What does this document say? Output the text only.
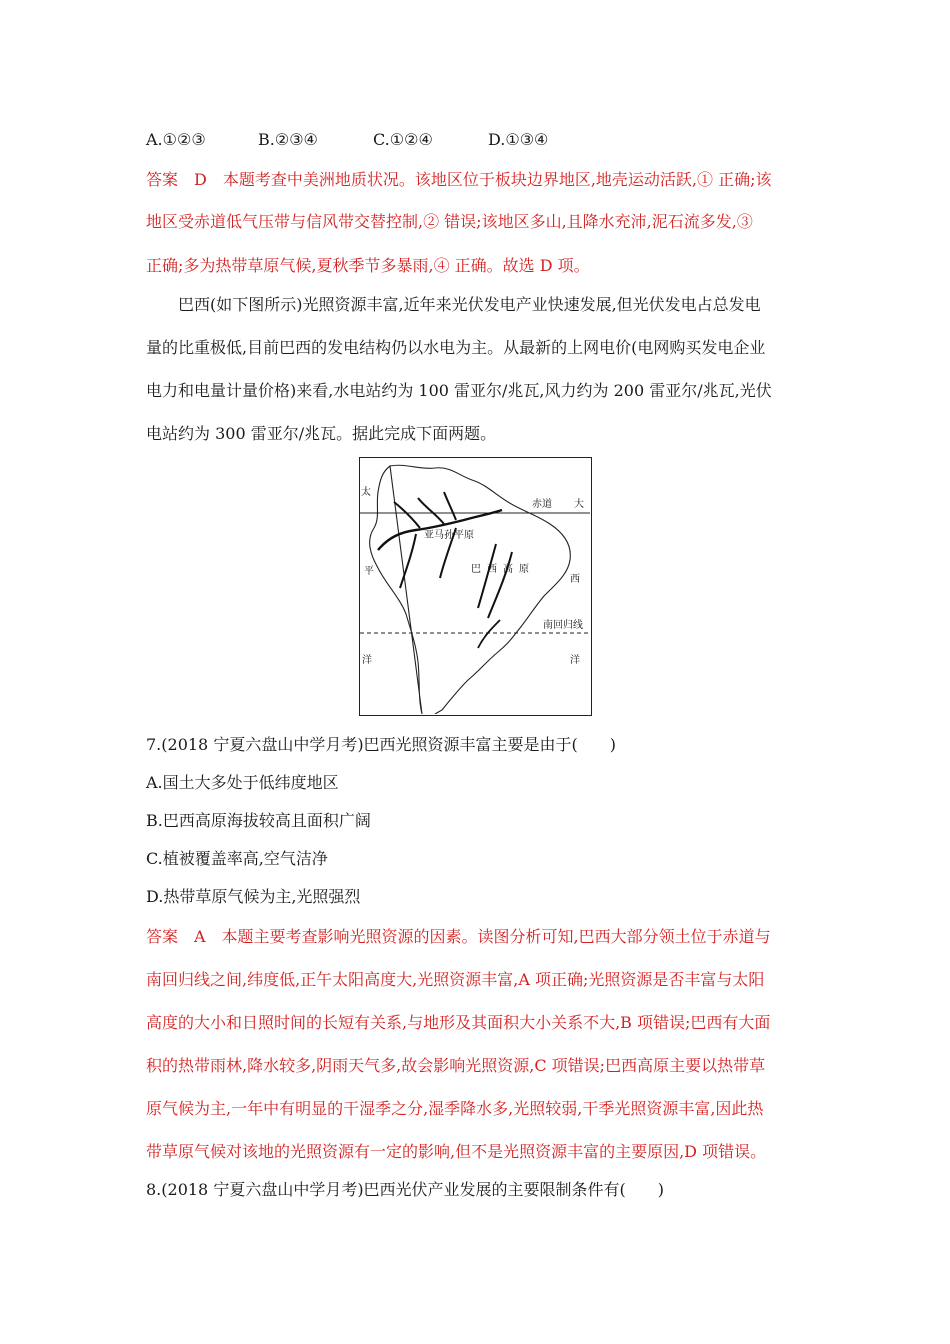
A.①②③	B.②③④	C.①②④	D.①③④
答案　D　本题考查中美洲地质状况。该地区位于板块边界地区,地壳运动活跃,① 正确;该
地区受赤道低气压带与信风带交替控制,② 错误;该地区多山,且降水充沛,泥石流多发,③
正确;多为热带草原气候,夏秋季节多暴雨,④ 正确。故选 D 项。
巴西(如下图所示)光照资源丰富,近年来光伏发电产业快速发展,但光伏发电占总发电
量的比重极低,目前巴西的发电结构仍以水电为主。从最新的上网电价(电网购买发电企业
电力和电量计量价格)来看,水电站约为 100 雷亚尔/兆瓦,风力约为 200 雷亚尔/兆瓦,光伏
电站约为 300 雷亚尔/兆瓦。据此完成下面两题。
太
赤道 大
亚马孙平原
平	巴西高原
西
南回归线
洋	洋
7.(2018 宁夏六盘山中学月考)巴西光照资源丰富主要是由于(　　)
A.国土大多处于低纬度地区
B.巴西高原海拔较高且面积广阔
C.植被覆盖率高,空气洁净
D.热带草原气候为主,光照强烈
答案　A　本题主要考查影响光照资源的因素。读图分析可知,巴西大部分领土位于赤道与
南回归线之间,纬度低,正午太阳高度大,光照资源丰富,A 项正确;光照资源是否丰富与太阳
高度的大小和日照时间的长短有关系,与地形及其面积大小关系不大,B 项错误;巴西有大面
积的热带雨林,降水较多,阴雨天气多,故会影响光照资源,C 项错误;巴西高原主要以热带草
原气候为主,一年中有明显的干湿季之分,湿季降水多,光照较弱,干季光照资源丰富,因此热
带草原气候对该地的光照资源有一定的影响,但不是光照资源丰富的主要原因,D 项错误。
8.(2018 宁夏六盘山中学月考)巴西光伏产业发展的主要限制条件有(　　)
